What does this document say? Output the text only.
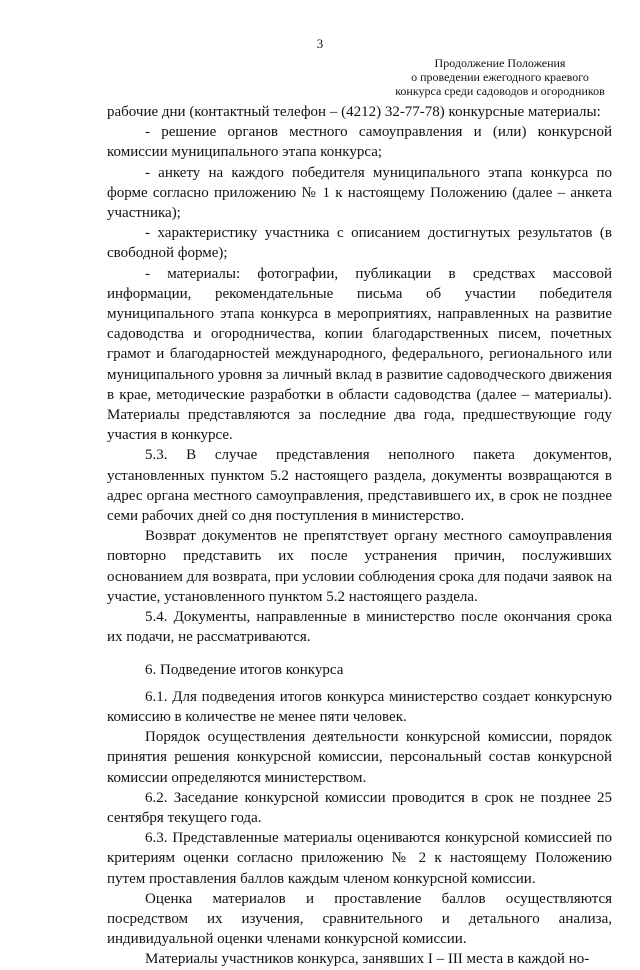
3
Продолжение Положения
о проведении ежегодного краевого
конкурса среди садоводов и огородников

рабочие дни (контактный телефон – (4212) 32-77-78) конкурсные материалы:

- решение органов местного самоуправления и (или) конкурсной комиссии муниципального этапа конкурса;

- анкету на каждого победителя муниципального этапа конкурса по форме согласно приложению № 1 к настоящему Положению (далее – анкета участника);

- характеристику участника с описанием достигнутых результатов (в свободной форме);

- материалы: фотографии, публикации в средствах массовой информации, рекомендательные письма об участии победителя муниципального этапа конкурса в мероприятиях, направленных на развитие садоводства и огородничества, копии благодарственных писем, почетных грамот и благодарностей международного, федерального, регионального или муниципального уровня за личный вклад в развитие садоводческого движения в крае, методические разработки в области садоводства (далее – материалы). Материалы представляются за последние два года, предшествующие году участия в конкурсе.

5.3. В случае представления неполного пакета документов, установленных пунктом 5.2 настоящего раздела, документы возвращаются в адрес органа местного самоуправления, представившего их, в срок не позднее семи рабочих дней со дня поступления в министерство.

Возврат документов не препятствует органу местного самоуправления повторно представить их после устранения причин, послуживших основанием для возврата, при условии соблюдения срока для подачи заявок на участие, установленного пунктом 5.2 настоящего раздела.

5.4. Документы, направленные в министерство после окончания срока их подачи, не рассматриваются.

6. Подведение итогов конкурса

6.1. Для подведения итогов конкурса министерство создает конкурсную комиссию в количестве не менее пяти человек.

Порядок осуществления деятельности конкурсной комиссии, порядок принятия решения конкурсной комиссии, персональный состав конкурсной комиссии определяются министерством.

6.2. Заседание конкурсной комиссии проводится в срок не позднее 25 сентября текущего года.

6.3. Представленные материалы оцениваются конкурсной комиссией по критериям оценки согласно приложению № 2 к настоящему Положению путем проставления баллов каждым членом конкурсной комиссии.

Оценка материалов и проставление баллов осуществляются посредством их изучения, сравнительного и детального анализа, индивидуальной оценки членами конкурсной комиссии.

Материалы участников конкурса, занявших I – III места в каждой но-
